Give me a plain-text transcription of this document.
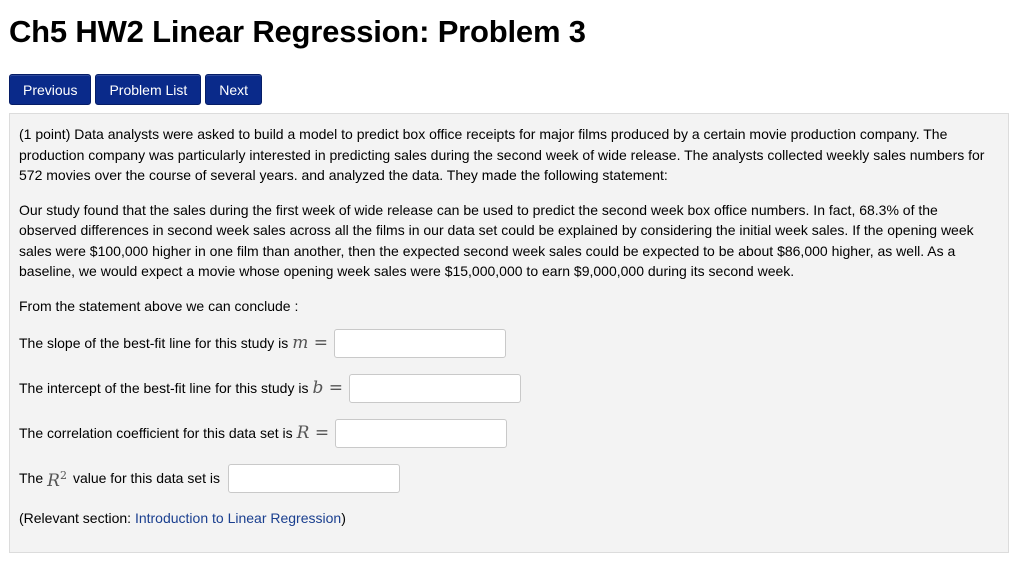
Ch5 HW2 Linear Regression: Problem 3
Previous	Problem List	Next

(1 point) Data analysts were asked to build a model to predict box office receipts for major films produced by a certain movie production company. The production company was particularly interested in predicting sales during the second week of wide release. The analysts collected weekly sales numbers for 572 movies over the course of several years. and analyzed the data. They made the following statement:

Our study found that the sales during the first week of wide release can be used to predict the second week box office numbers. In fact, 68.3% of the observed differences in second week sales across all the films in our data set could be explained by considering the initial week sales. If the opening week sales were $100,000 higher in one film than another, then the expected second week sales could be expected to be about $86,000 higher, as well. As a baseline, we would expect a movie whose opening week sales were $15,000,000 to earn $9,000,000 during its second week.

From the statement above we can conclude :

The slope of the best-fit line for this study is m =
The intercept of the best-fit line for this study is b =
The correlation coefficient for this data set is R =
The $R^2$ value for this data set is

(Relevant section: Introduction to Linear Regression)
